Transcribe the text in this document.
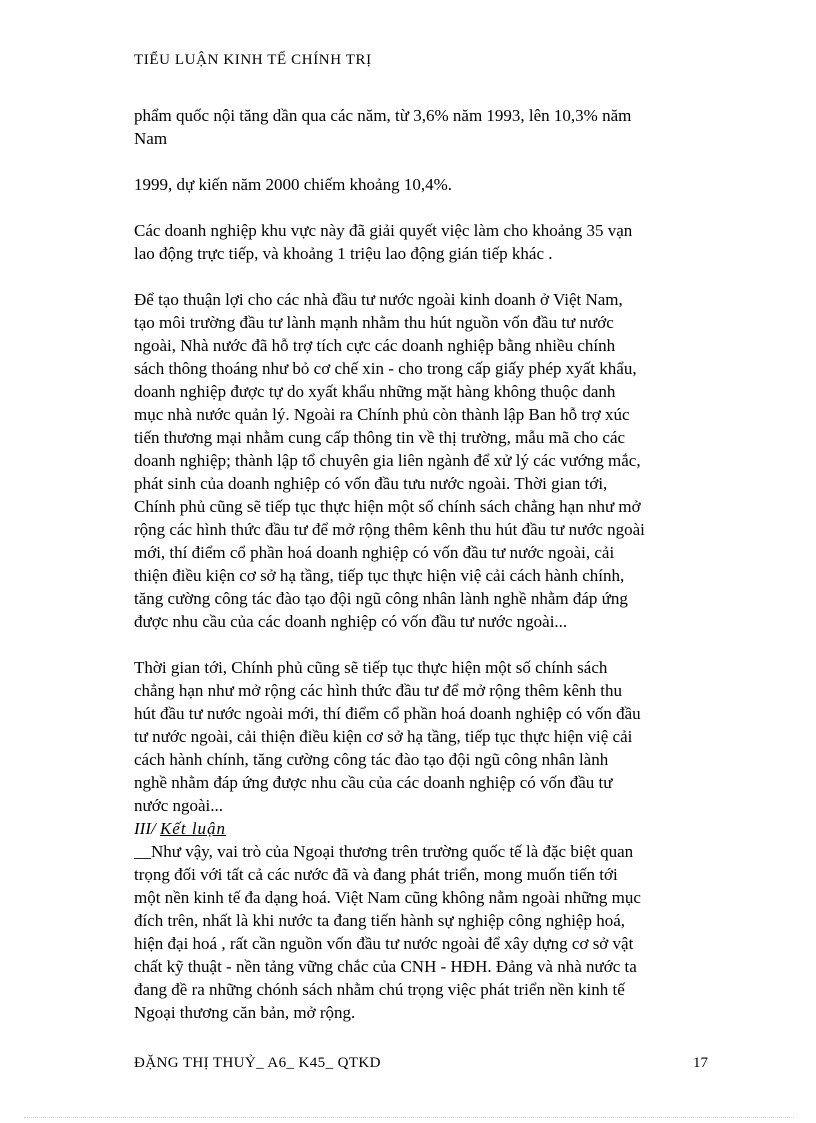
TIỂU LUẬN KINH TẾ CHÍNH TRỊ
phẩm quốc nội tăng dần qua các năm, từ 3,6% năm 1993, lên 10,3% năm
Nam
1999, dự kiến năm 2000 chiếm khoảng 10,4%.
Các doanh nghiệp khu vực này đã giải quyết việc làm cho khoảng 35 vạn
lao động trực tiếp, và khoảng 1 triệu lao động gián tiếp khác .
Để tạo thuận lợi cho các nhà đầu tư nước ngoài kinh doanh ở Việt Nam,
tạo môi trường đầu tư lành mạnh nhằm thu hút nguồn vốn đầu tư nước
ngoài, Nhà nước đã hỗ trợ tích cực các doanh nghiệp bằng nhiều chính
sách thông thoáng như bỏ cơ chế xin - cho trong cấp giấy phép xyất khẩu,
doanh nghiệp được tự do xyất khẩu những mặt hàng không thuộc danh
mục nhà nước quản lý. Ngoài ra Chính phủ còn thành lập Ban hỗ trợ xúc
tiến thương mại nhằm cung cấp thông tin về thị trường, mẫu mã cho các
doanh nghiệp; thành lập tổ chuyên gia liên ngành để xử lý các vướng mắc,
phát sinh của doanh nghiệp có vốn đầu tưu nước ngoài. Thời gian tới,
Chính phủ cũng sẽ tiếp tục thực hiện một số chính sách chẳng hạn như mở
rộng các hình thức đầu tư để mở rộng thêm kênh thu hút đầu tư nước ngoài
mới, thí điểm cổ phần hoá doanh nghiệp có vốn đầu tư nước ngoài, cải
thiện điều kiện cơ sở hạ tầng, tiếp tục thực hiện việ cải cách hành chính,
tăng cường công tác đào tạo đội ngũ công nhân lành nghề nhằm đáp ứng
được nhu cầu của các doanh nghiệp có vốn đầu tư nước ngoài...
Thời gian tới, Chính phủ cũng sẽ tiếp tục thực hiện một số chính sách
chẳng hạn như mở rộng các hình thức đầu tư để mở rộng thêm kênh thu
hút đầu tư nước ngoài mới, thí điểm cổ phần hoá doanh nghiệp có vốn đầu
tư nước ngoài, cải thiện điều kiện cơ sở hạ tầng, tiếp tục thực hiện việ cải
cách hành chính, tăng cường công tác đào tạo đội ngũ công nhân lành
nghề nhằm đáp ứng được nhu cầu của các doanh nghiệp có vốn đầu tư
nước ngoài...
III/ Kết luận
__Như vậy, vai trò của Ngoại thương trên trường quốc tế là đặc biệt quan
trọng đối với tất cả các nước đã và đang phát triển, mong muốn tiến tới
một nền kinh tế đa dạng hoá. Việt Nam cũng không nằm ngoài những mục
đích trên, nhất là khi nước ta đang tiến hành sự nghiệp công nghiệp hoá,
hiện đại hoá , rất cần nguồn vốn đầu tư nước ngoài để xây dựng cơ sở vật
chất kỹ thuật - nền tảng vững chắc của CNH - HĐH. Đảng và nhà nước ta
đang đề ra những chónh sách nhằm chú trọng việc phát triển nền kinh tế
Ngoại thương căn bản, mở rộng.
ĐẶNG THỊ THUỶ_ A6_ K45_ QTKD	17
